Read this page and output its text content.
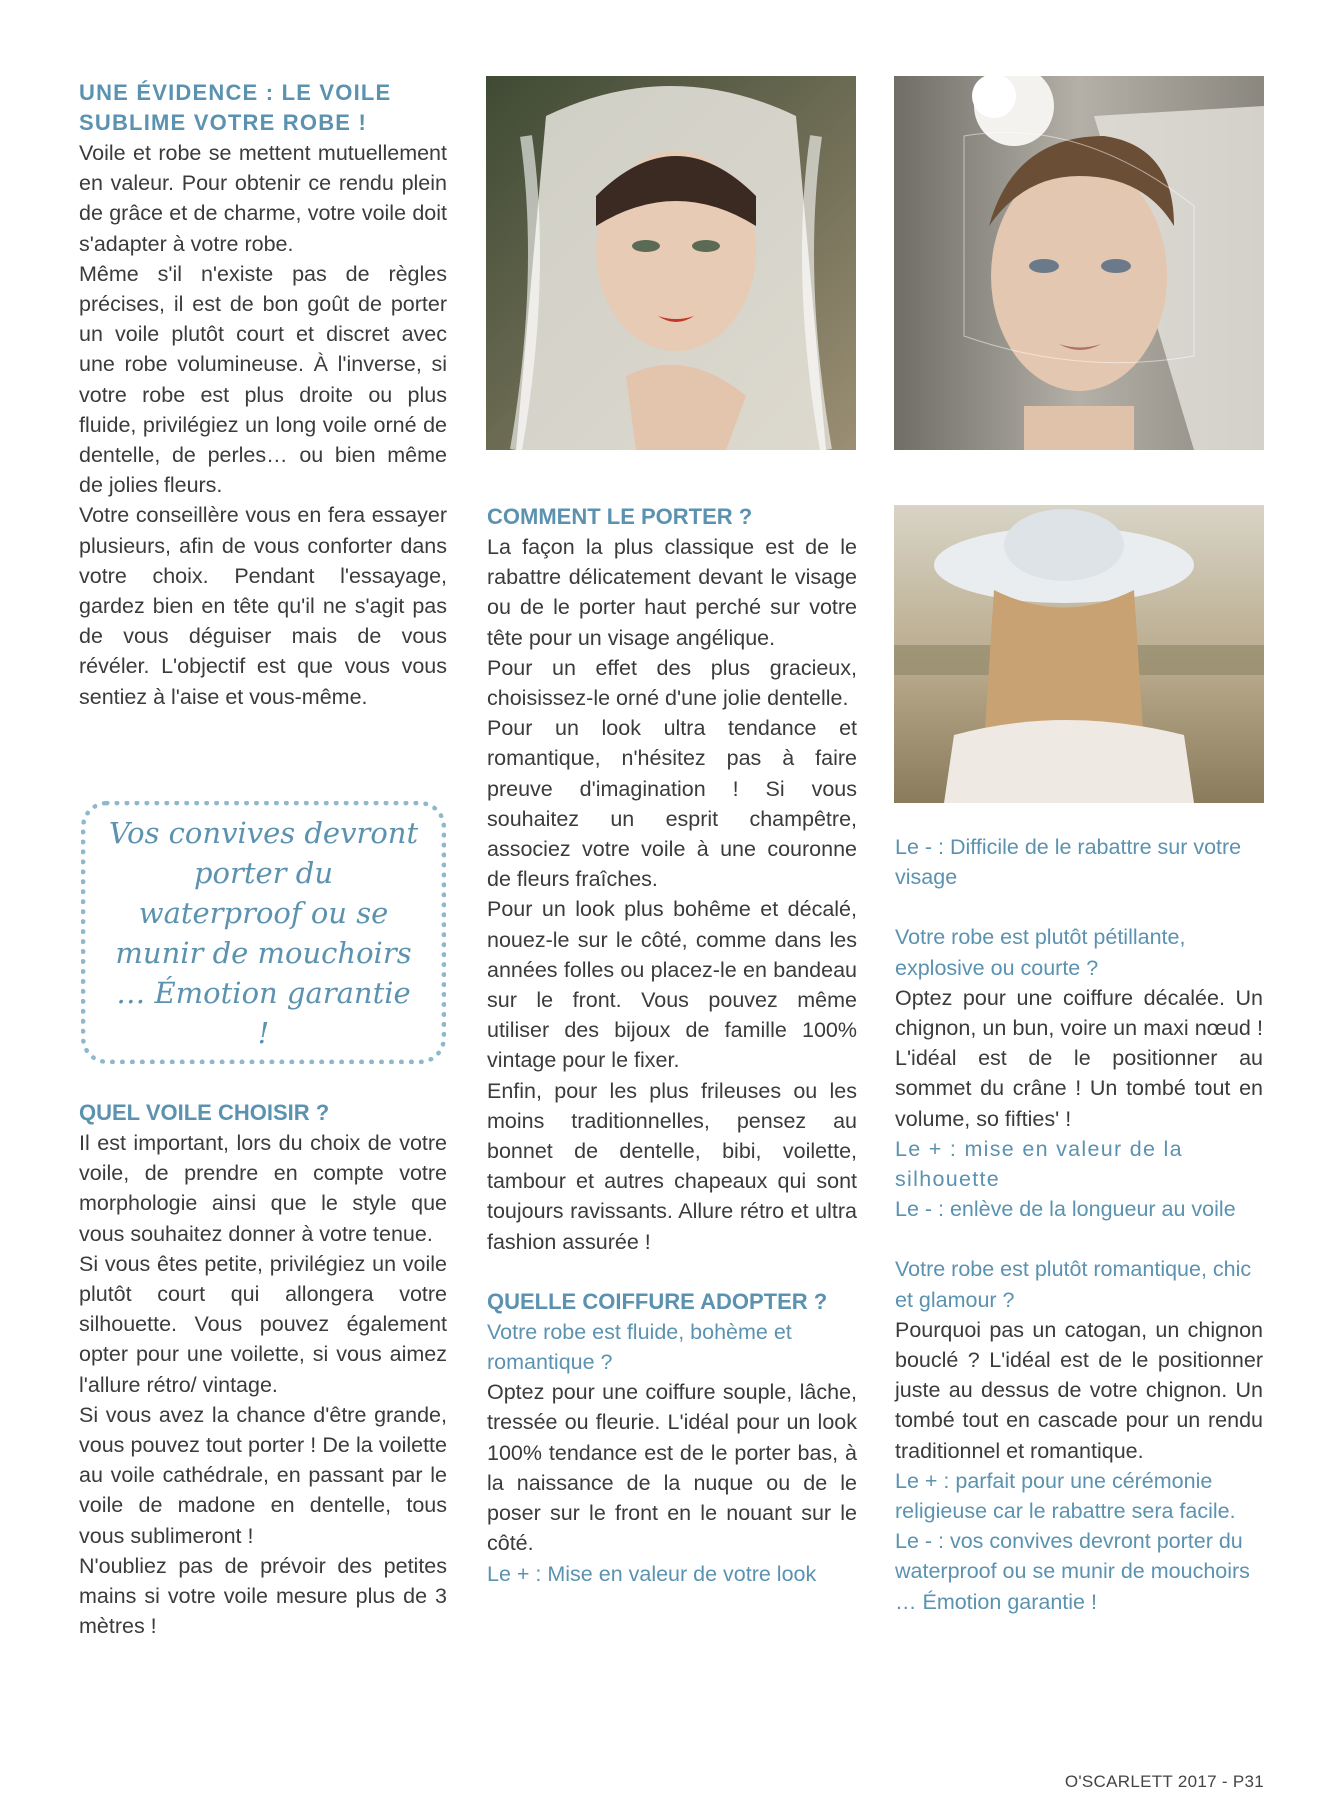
UNE ÉVIDENCE : LE VOILE SUBLIME VOTRE ROBE !

Voile et robe se mettent mutuellement en valeur. Pour obtenir ce rendu plein de grâce et de charme, votre voile doit s'adapter à votre robe.

Même s'il n'existe pas de règles précises, il est de bon goût de porter un voile plutôt court et discret avec une robe volumineuse. À l'inverse, si votre robe est plus droite ou plus fluide, privilégiez un long voile orné de dentelle, de perles… ou bien même de jolies fleurs.

Votre conseillère vous en fera essayer plusieurs, afin de vous conforter dans votre choix. Pendant l'essayage, gardez bien en tête qu'il ne s'agit pas de vous déguiser mais de vous révéler. L'objectif est que vous vous sentiez à l'aise et vous-même.

Vos convives devront porter du waterproof ou se munir de mouchoirs … Émotion garantie !
QUEL VOILE CHOISIR ?

Il est important, lors du choix de votre voile, de prendre en compte votre morphologie ainsi que le style que vous souhaitez donner à votre tenue.

Si vous êtes petite, privilégiez un voile plutôt court qui allongera votre silhouette. Vous pouvez également opter pour une voilette, si vous aimez l'allure rétro/ vintage.

Si vous avez la chance d'être grande, vous pouvez tout porter ! De la voilette au voile cathédrale, en passant par le voile de madone en dentelle, tous vous sublimeront !

N'oubliez pas de prévoir des petites mains si votre voile mesure plus de 3 mètres !

COMMENT LE PORTER ?

La façon la plus classique est de le rabattre délicatement devant le visage ou de le porter haut perché sur votre tête pour un visage angélique.

Pour un effet des plus gracieux, choisissez-le orné d'une jolie dentelle.

Pour un look ultra tendance et romantique, n'hésitez pas à faire preuve d'imagination ! Si vous souhaitez un esprit champêtre, associez votre voile à une couronne de fleurs fraîches.

Pour un look plus bohême et décalé, nouez-le sur le côté, comme dans les années folles ou placez-le en bandeau sur le front. Vous pouvez même utiliser des bijoux de famille 100% vintage pour le fixer.

Enfin, pour les plus frileuses ou les moins traditionnelles, pensez au bonnet de dentelle, bibi, voilette, tambour et autres chapeaux qui sont toujours ravissants. Allure rétro et ultra fashion assurée !

QUELLE COIFFURE ADOPTER ?

Votre robe est fluide, bohème et romantique ?

Optez pour une coiffure souple, lâche, tressée ou fleurie. L'idéal pour un look 100% tendance est de le porter bas, à la naissance de la nuque ou de le poser sur le front en le nouant sur le côté.

Le + : Mise en valeur de votre look

Le - : Difficile de le rabattre sur votre visage

Votre robe est plutôt pétillante, explosive ou courte ?

Optez pour une coiffure décalée. Un chignon, un bun, voire un maxi nœud ! L'idéal est de le positionner au sommet du crâne ! Un tombé tout en volume, so fifties' !

Le + : mise en valeur de la silhouette

Le - : enlève de la longueur au voile

Votre robe est plutôt romantique, chic et glamour ?

Pourquoi pas un catogan, un chignon bouclé ? L'idéal est de le positionner juste au dessus de votre chignon. Un tombé tout en cascade pour un rendu traditionnel et romantique.

Le + : parfait pour une cérémonie religieuse car le rabattre sera facile.

Le - : vos convives devront porter du waterproof ou se munir de mouchoirs … Émotion garantie !

O'SCARLETT 2017 - P31
